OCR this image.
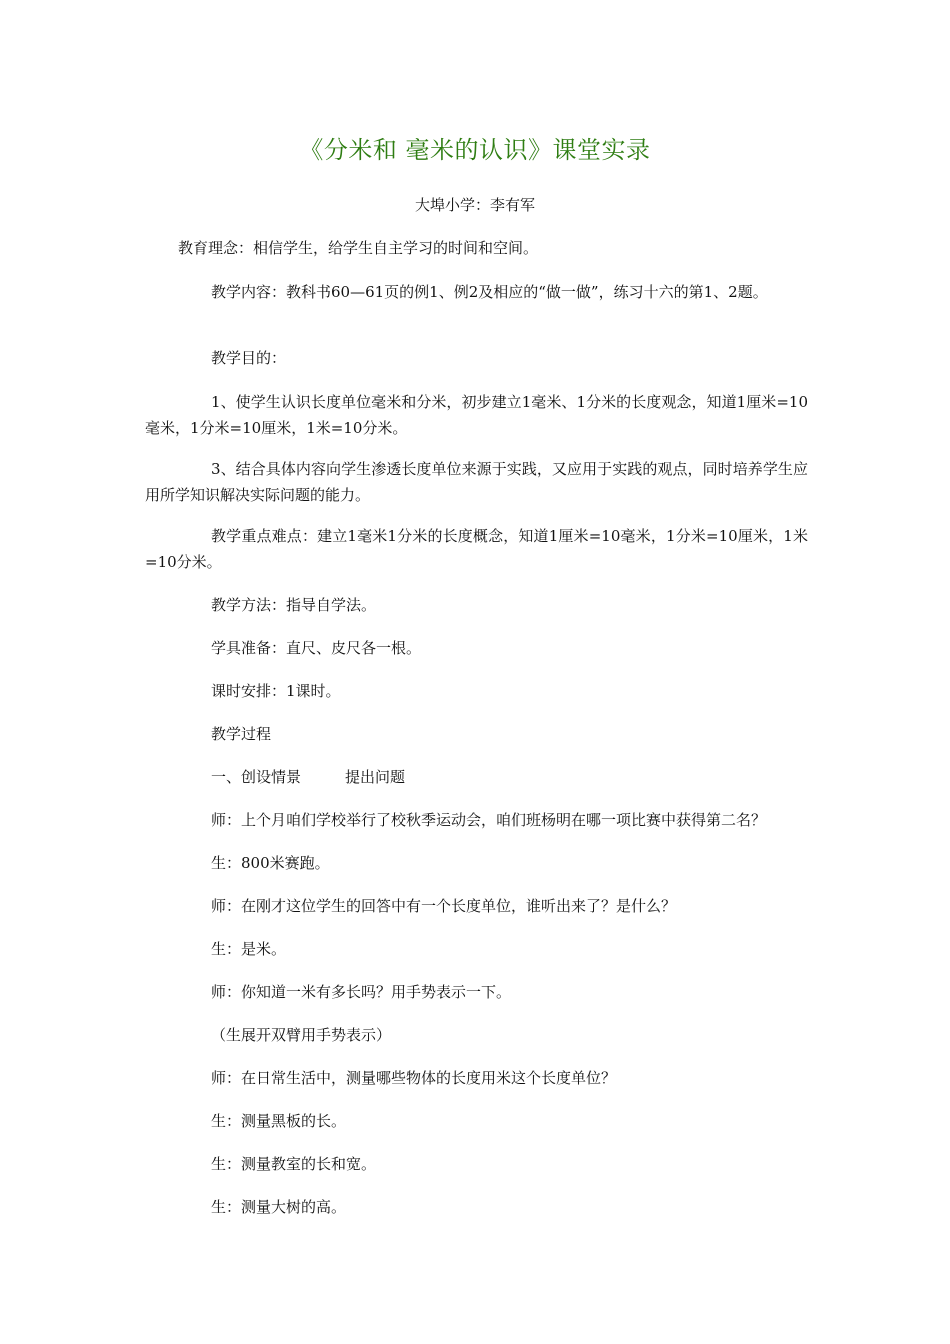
《分米和 毫米的认识》课堂实录
大埠小学：李有军
教育理念：相信学生，给学生自主学习的时间和空间。
教学内容：教科书60—61页的例1、例2及相应的“做一做”，练习十六的第1、2题。
教学目的：
1、使学生认识长度单位毫米和分米，初步建立1毫米、1分米的长度观念，知道1厘米=10毫米，1分米=10厘米，1米=10分米。
3、结合具体内容向学生渗透长度单位来源于实践，又应用于实践的观点，同时培养学生应用所学知识解决实际问题的能力。
教学重点难点：建立1毫米1分米的长度概念，知道1厘米=10毫米，1分米=10厘米，1米=10分米。
教学方法：指导自学法。
学具准备：直尺、皮尺各一根。
课时安排：1课时。
教学过程
一、创设情景	提出问题
师：上个月咱们学校举行了校秋季运动会，咱们班杨明在哪一项比赛中获得第二名？
生：800米赛跑。
师：在刚才这位学生的回答中有一个长度单位，谁听出来了？是什么？
生：是米。
师：你知道一米有多长吗？用手势表示一下。
（生展开双臂用手势表示）
师：在日常生活中，测量哪些物体的长度用米这个长度单位？
生：测量黑板的长。
生：测量教室的长和宽。
生：测量大树的高。
